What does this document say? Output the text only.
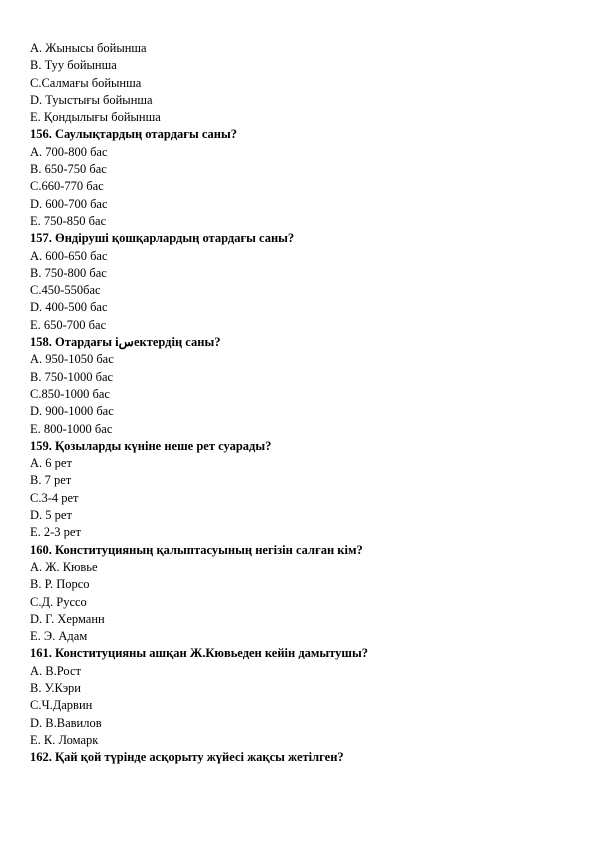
A. Жынысы бойынша
B. Туу бойынша
C.Салмағы бойынша
D. Туыстығы бойынша
E. Қондылығы бойынша
156. Саулықтардың отардағы саны?
A. 700-800 бас
B. 650-750 бас
C.660-770 бас
D. 600-700 бас
E. 750-850 бас
157. Өндіруші қошқарлардың отардағы саны?
A. 600-650 бас
B. 750-800 бас
C.450-550бас
D. 400-500 бас
E. 650-700 бас
158. Отардағы іسектердің саны?
A. 950-1050 бас
B. 750-1000 бас
C.850-1000 бас
D. 900-1000 бас
E. 800-1000 бас
159. Қозыларды күніне неше рет суарады?
A. 6 рет
B. 7 рет
C.3-4 рет
D. 5 рет
E. 2-3 рет
160. Конституцияның қалыптасуының негізін салған кім?
A. Ж. Кювье
B. Р. Порсо
C.Д. Руссо
D. Г. Херманн
E. Э. Адам
161. Конституцияны ашқан Ж.Кювьеден кейін дамытушы?
A. В.Рост
B. У.Кэри
C.Ч.Дарвин
D. В.Вавилов
E. К. Ломарк
162. Қай қой түрінде асқорыту жүйесі жақсы жетілген?
